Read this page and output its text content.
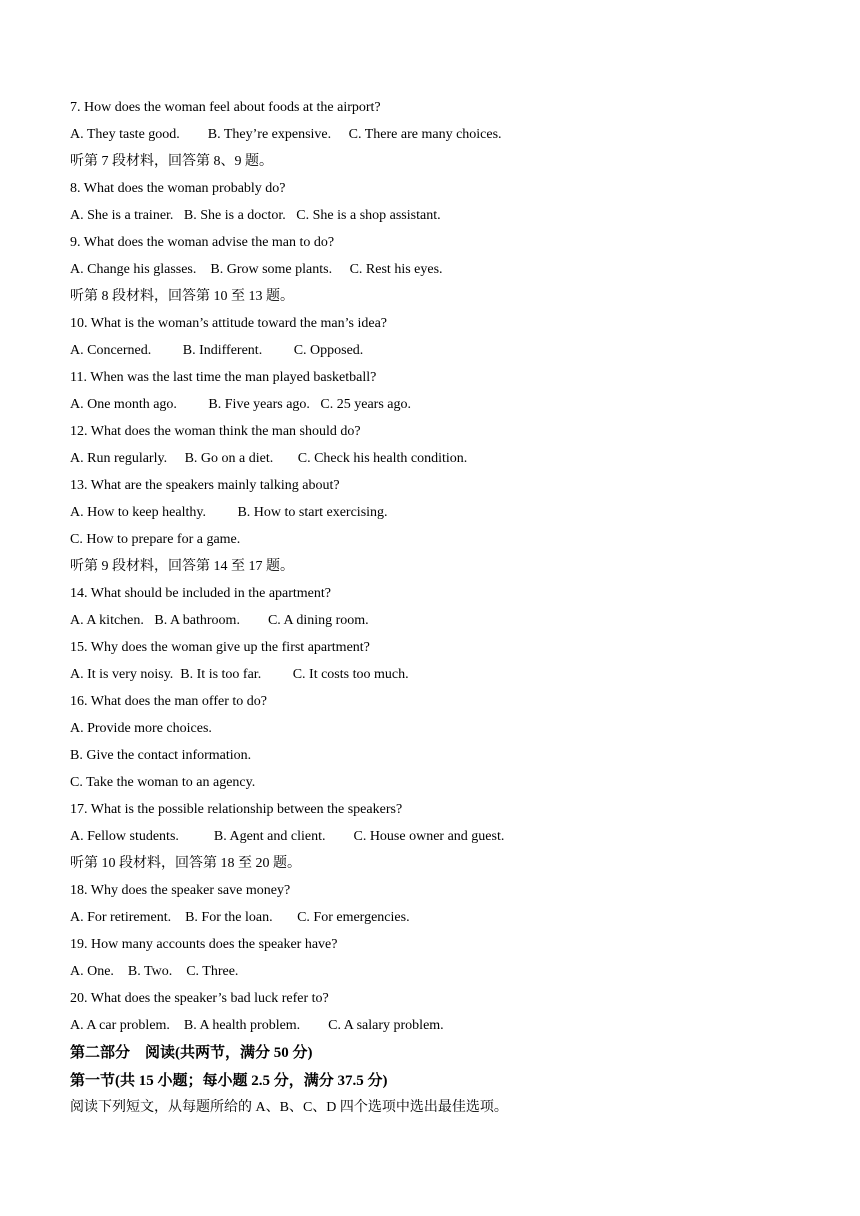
7. How does the woman feel about foods at the airport?
A. They taste good.        B. They’re expensive.     C. There are many choices.
听第 7 段材料，回答第 8、9 题。
8. What does the woman probably do?
A. She is a trainer.   B. She is a doctor.   C. She is a shop assistant.
9. What does the woman advise the man to do?
A. Change his glasses.    B. Grow some plants.     C. Rest his eyes.
听第 8 段材料，回答第 10 至 13 题。
10. What is the woman’s attitude toward the man’s idea?
A. Concerned.         B. Indifferent.         C. Opposed.
11. When was the last time the man played basketball?
A. One month ago.         B. Five years ago.   C. 25 years ago.
12. What does the woman think the man should do?
A. Run regularly.     B. Go on a diet.       C. Check his health condition.
13. What are the speakers mainly talking about?
A. How to keep healthy.         B. How to start exercising.
C. How to prepare for a game.
听第 9 段材料，回答第 14 至 17 题。
14. What should be included in the apartment?
A. A kitchen.   B. A bathroom.        C. A dining room.
15. Why does the woman give up the first apartment?
A. It is very noisy.  B. It is too far.         C. It costs too much.
16. What does the man offer to do?
A. Provide more choices.
B. Give the contact information.
C. Take the woman to an agency.
17. What is the possible relationship between the speakers?
A. Fellow students.          B. Agent and client.        C. House owner and guest.
听第 10 段材料，回答第 18 至 20 题。
18. Why does the speaker save money?
A. For retirement.    B. For the loan.       C. For emergencies.
19. How many accounts does the speaker have?
A. One.    B. Two.    C. Three.
20. What does the speaker’s bad luck refer to?
A. A car problem.    B. A health problem.        C. A salary problem.
第二部分    阅读(共两节，满分 50 分)
第一节(共 15 小题；每小题 2.5 分，满分 37.5 分)
阅读下列短文，从每题所给的 A、B、C、D 四个选项中选出最佳选项。
